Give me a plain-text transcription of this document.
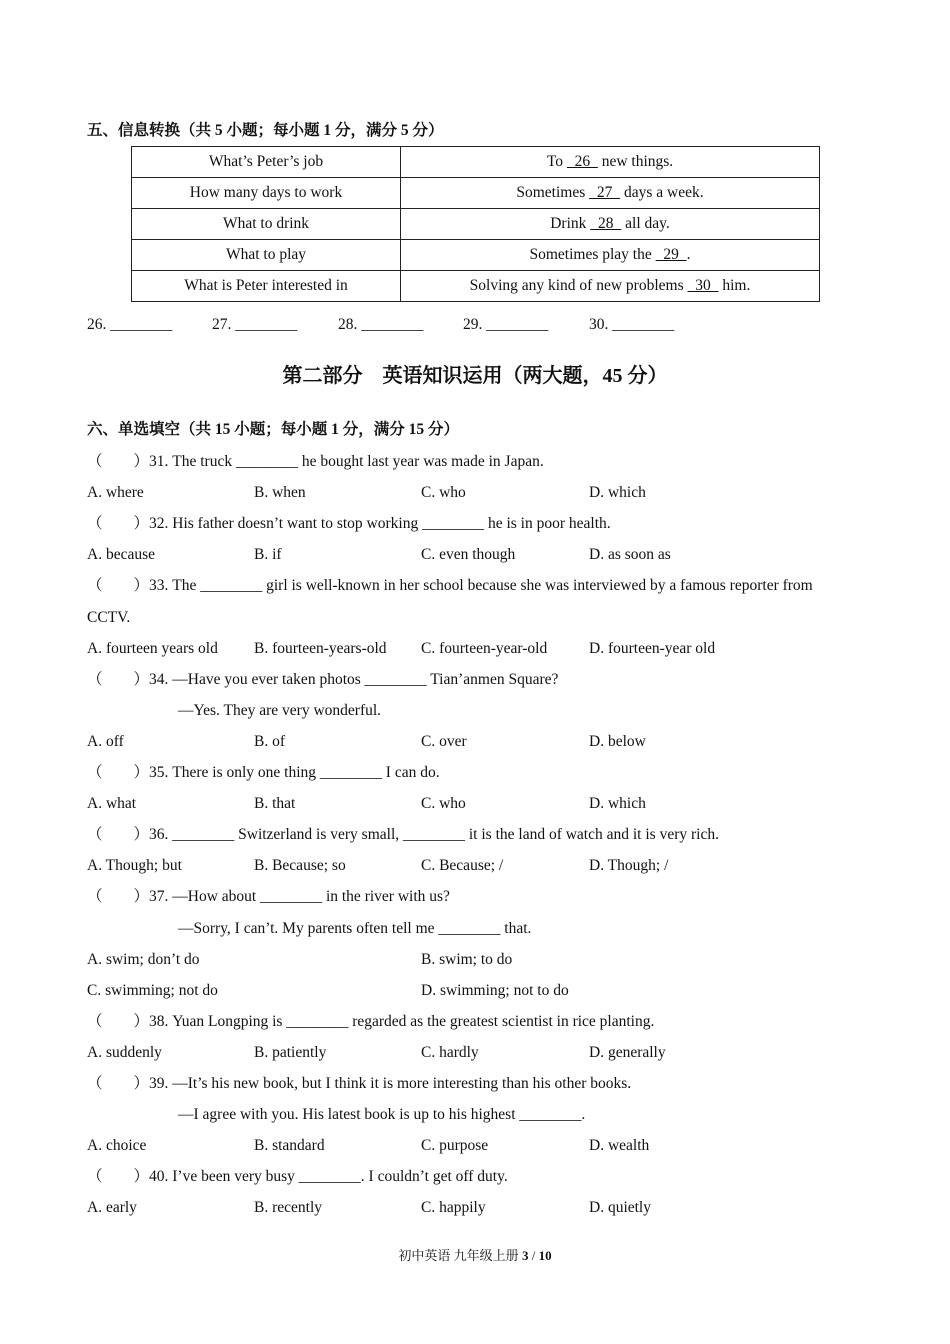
五、信息转换（共 5 小题；每小题 1 分，满分 5 分）
What’s Peter’s job	To   26   new things.
How many days to work	Sometimes   27   days a week.
What to drink	Drink   28   all day.
What to play	Sometimes play the   29  .
What is Peter interested in	Solving any kind of new problems   30   him.
26. ________	27. ________	28. ________	29. ________	30. ________
第二部分　英语知识运用（两大题，45 分）
六、单选填空（共 15 小题；每小题 1 分，满分 15 分）
（　　）31. The truck ________ he bought last year was made in Japan.
A. where	B. when	C. who	D. which
（　　）32. His father doesn’t want to stop working ________ he is in poor health.
A. because	B. if	C. even though	D. as soon as
（　　）33. The ________ girl is well-known in her school because she was interviewed by a famous reporter from
CCTV.
A. fourteen years old B. fourteen-years-old C. fourteen-year-old	D. fourteen-year old
（　　）34. —Have you ever taken photos ________ Tian’anmen Square?
—Yes. They are very wonderful.
A. off	B. of	C. over	D. below
（　　）35. There is only one thing ________ I can do.
A. what	B. that	C. who	D. which
（　　）36. ________ Switzerland is very small, ________ it is the land of watch and it is very rich.
A. Though; but	B. Because; so	C. Because; /	D. Though; /
（　　）37. —How about ________ in the river with us?
—Sorry, I can’t. My parents often tell me ________ that.
A. swim; don’t do	B. swim; to do
C. swimming; not do	D. swimming; not to do
（　　）38. Yuan Longping is ________ regarded as the greatest scientist in rice planting.
A. suddenly	B. patiently	C. hardly	D. generally
（　　）39. —It’s his new book, but I think it is more interesting than his other books.
—I agree with you. His latest book is up to his highest ________.
A. choice	B. standard	C. purpose	D. wealth
（　　）40. I’ve been very busy ________. I couldn’t get off duty.
A. early	B. recently	C. happily	D. quietly
初中英语 九年级上册 3 / 10
